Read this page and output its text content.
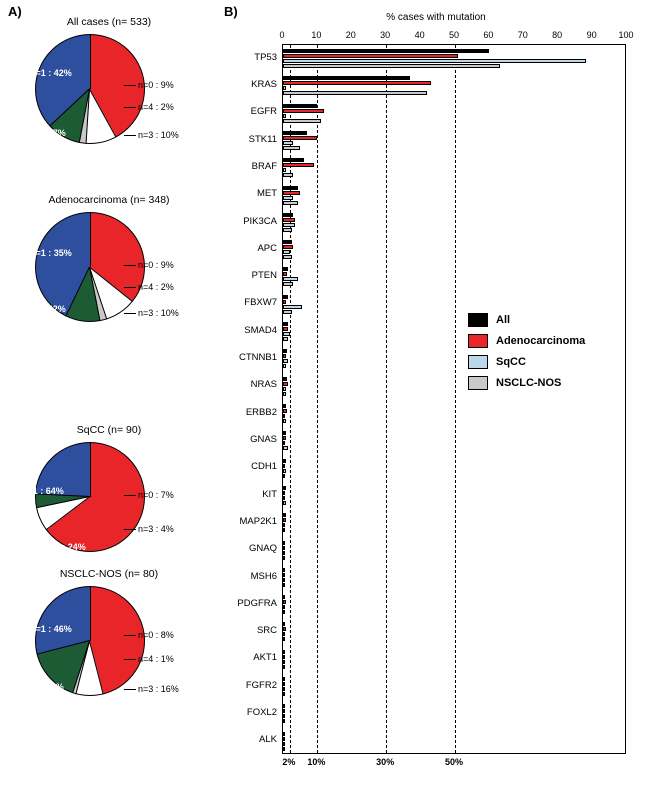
A)
All cases (n= 533)
n=1 : 42%
n=0 : 9%
n=4 : 2%
n=3 : 10%
n=2 : 37%
Adenocarcinoma (n= 348)
n=1 : 35%
n=0 : 9%
n=4 : 2%
n=3 : 10%
n=2 : 42%
SqCC (n= 90)
n=1 : 64%	n=0 : 7%
n=3 : 4%
n=2 : 24%
NSCLC-NOS (n= 80)
n=1 : 46%
n=0 : 8%
n=4 : 1%
n=3 : 16%
n=2 : 29%
B)	% cases with mutation
0	10	20	30	40	50	60	70	80	90 100
All
Adenocarcinoma
SqCC
NSCLC-NOS
TP53
KRAS
EGFR
STK11
BRAF
MET
PIK3CA
APC
PTEN
FBXW7
SMAD4
CTNNB1
NRAS
ERBB2
GNAS
CDH1
KIT
MAP2K1
GNAQ
MSH6
PDGFRA
SRC
AKT1
FGFR2
FOXL2
ALK
2% 10%	30%	50%
